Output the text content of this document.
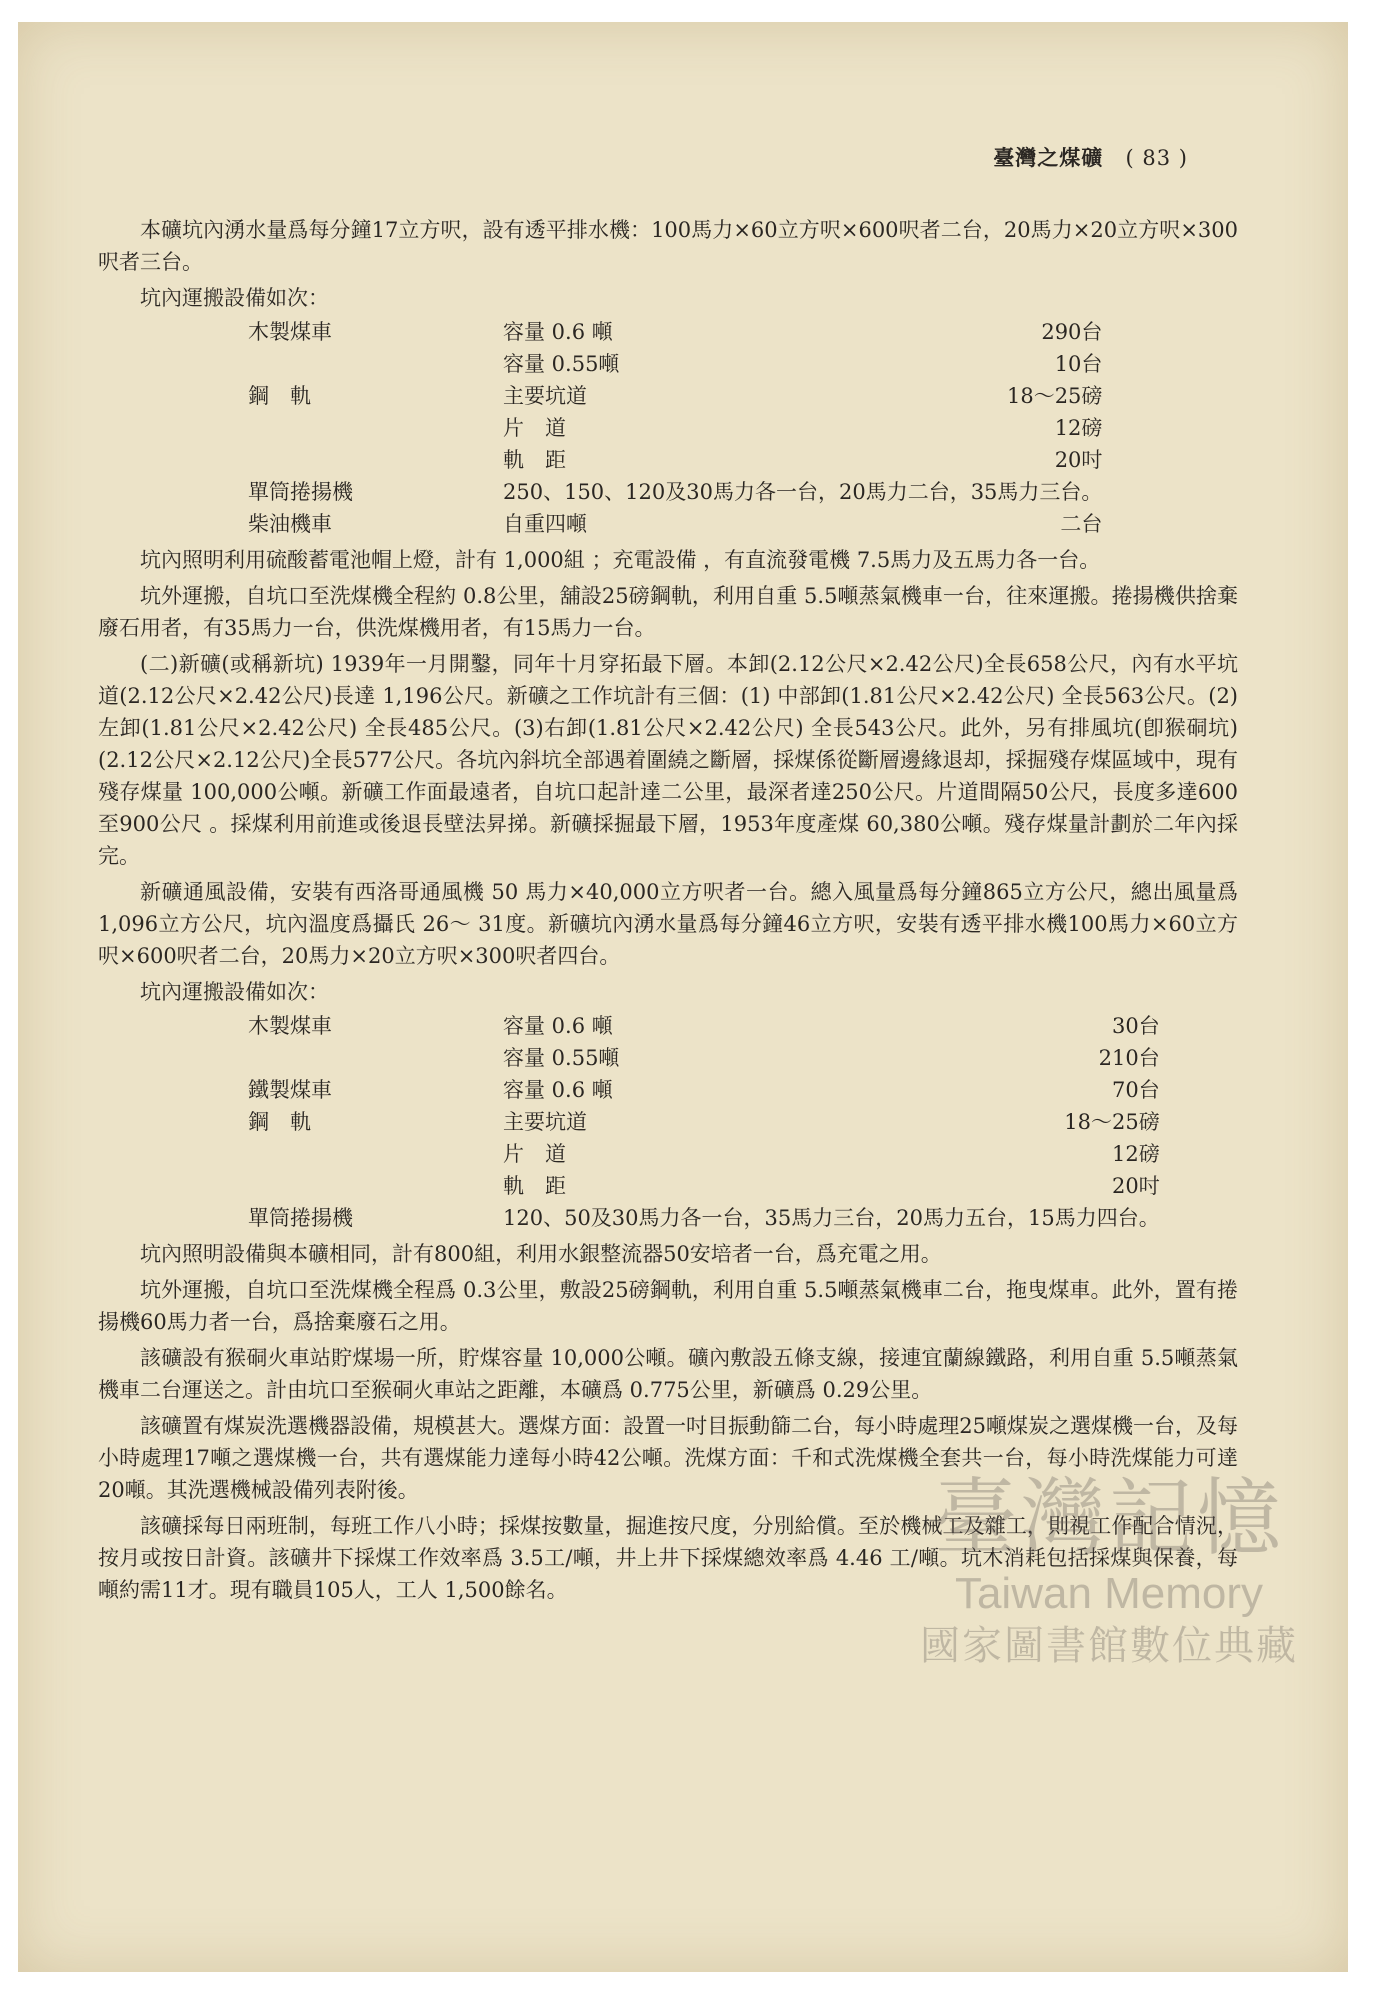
臺灣之煤礦 ( 83 )

本礦坑內湧水量爲每分鐘17立方呎，設有透平排水機：100馬力×60立方呎×600呎者二台，20馬力×20立方呎×300呎者三台。

坑內運搬設備如次：
木製煤車	容量 0.6 噸	290台
	容量 0.55噸	10台
鋼　軌	主要坑道	18〜25磅
	片　道	12磅
	軌　距	20吋
單筒捲揚機	250、150、120及30馬力各一台，20馬力二台，35馬力三台。	
柴油機車	自重四噸	二台

坑內照明利用硫酸蓄電池帽上燈，計有 1,000組 ；充電設備 ，有直流發電機 7.5馬力及五馬力各一台。

坑外運搬，自坑口至洗煤機全程約 0.8公里，舖設25磅鋼軌，利用自重 5.5噸蒸氣機車一台，往來運搬。捲揚機供捨棄廢石用者，有35馬力一台，供洗煤機用者，有15馬力一台。

(二)新礦(或稱新坑) 1939年一月開鑿，同年十月穿拓最下層。本卸(2.12公尺×2.42公尺)全長658公尺，內有水平坑道(2.12公尺×2.42公尺)長達 1,196公尺。新礦之工作坑計有三個：(1) 中部卸(1.81公尺×2.42公尺) 全長563公尺。(2)左卸(1.81公尺×2.42公尺) 全長485公尺。(3)右卸(1.81公尺×2.42公尺) 全長543公尺。此外，另有排風坑(卽猴硐坑)(2.12公尺×2.12公尺)全長577公尺。各坑內斜坑全部遇着圍繞之斷層，採煤係從斷層邊緣退却，採掘殘存煤區域中，現有殘存煤量 100,000公噸。新礦工作面最遠者，自坑口起計達二公里，最深者達250公尺。片道間隔50公尺，長度多達600至900公尺 。採煤利用前進或後退長壁法昇挮。新礦採掘最下層，1953年度產煤 60,380公噸。殘存煤量計劃於二年內採完。

新礦通風設備，安裝有西洛哥通風機 50 馬力×40,000立方呎者一台。總入風量爲每分鐘865立方公尺，總出風量爲 1,096立方公尺，坑內溫度爲攝氏 26～ 31度。新礦坑內湧水量爲每分鐘46立方呎，安裝有透平排水機100馬力×60立方呎×600呎者二台，20馬力×20立方呎×300呎者四台。

坑內運搬設備如次：
木製煤車	容量 0.6 噸	30台
	容量 0.55噸	210台
鐵製煤車	容量 0.6 噸	70台
鋼　軌	主要坑道	18〜25磅
	片　道	12磅
	軌　距	20吋
單筒捲揚機	120、50及30馬力各一台，35馬力三台，20馬力五台，15馬力四台。	

坑內照明設備與本礦相同，計有800組，利用水銀整流器50安培者一台，爲充電之用。

坑外運搬，自坑口至洗煤機全程爲 0.3公里，敷設25磅鋼軌，利用自重 5.5噸蒸氣機車二台，拖曳煤車。此外，置有捲揚機60馬力者一台，爲捨棄廢石之用。

該礦設有猴硐火車站貯煤場一所，貯煤容量 10,000公噸。礦內敷設五條支線，接連宜蘭線鐵路，利用自重 5.5噸蒸氣機車二台運送之。計由坑口至猴硐火車站之距離，本礦爲 0.775公里，新礦爲 0.29公里。

該礦置有煤炭洗選機器設備，規模甚大。選煤方面：設置一吋目振動篩二台，每小時處理25噸煤炭之選煤機一台，及每小時處理17噸之選煤機一台，共有選煤能力達每小時42公噸。洗煤方面：千和式洗煤機全套共一台，每小時洗煤能力可達20噸。其洗選機械設備列表附後。

該礦採每日兩班制，每班工作八小時；採煤按數量，掘進按尺度，分別給償。至於機械工及雜工，則視工作配合情況，按月或按日計資。該礦井下採煤工作效率爲 3.5工/噸，井上井下採煤總效率爲 4.46 工/噸。坑木消耗包括採煤與保養，每噸約需11才。現有職員105人，工人 1,500餘名。

臺灣記憶
Taiwan Memory
國家圖書館數位典藏
